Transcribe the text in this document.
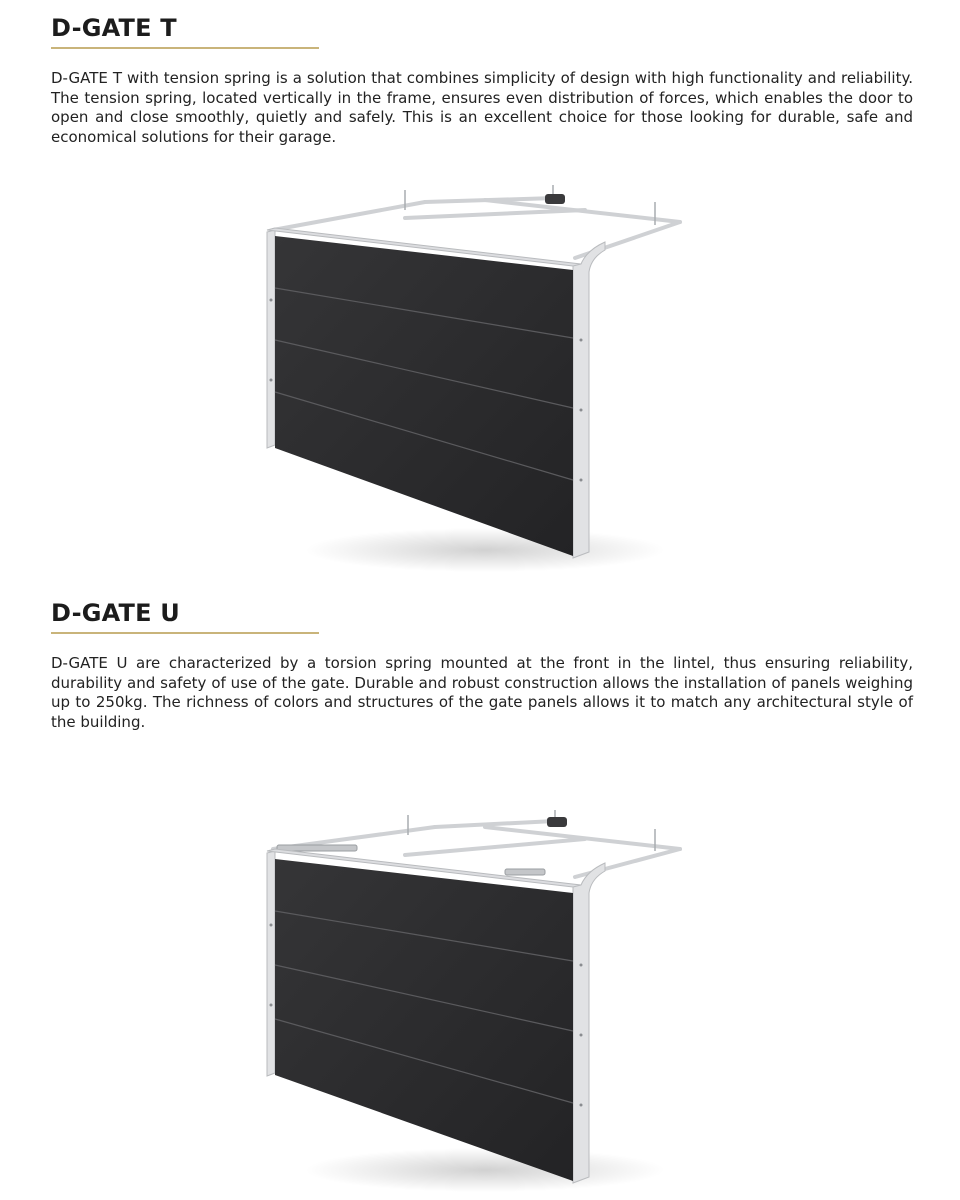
D-GATE T

D-GATE T with tension spring is a solution that combines simplicity of design with high functionality and reliability. The tension spring, located vertically in the frame, ensures even distribution of forces, which enables the door to open and close smoothly, quietly and safely. This is an excellent choice for those looking for durable, safe and economical solutions for their garage.

D-GATE U

D-GATE U are characterized by a torsion spring mounted at the front in the lintel, thus ensuring reliability, durability and safety of use of the gate. Durable and robust construction allows the installation of panels weighing up to 250kg. The richness of colors and structures of the gate panels allows it to match any architectural style of the building.
